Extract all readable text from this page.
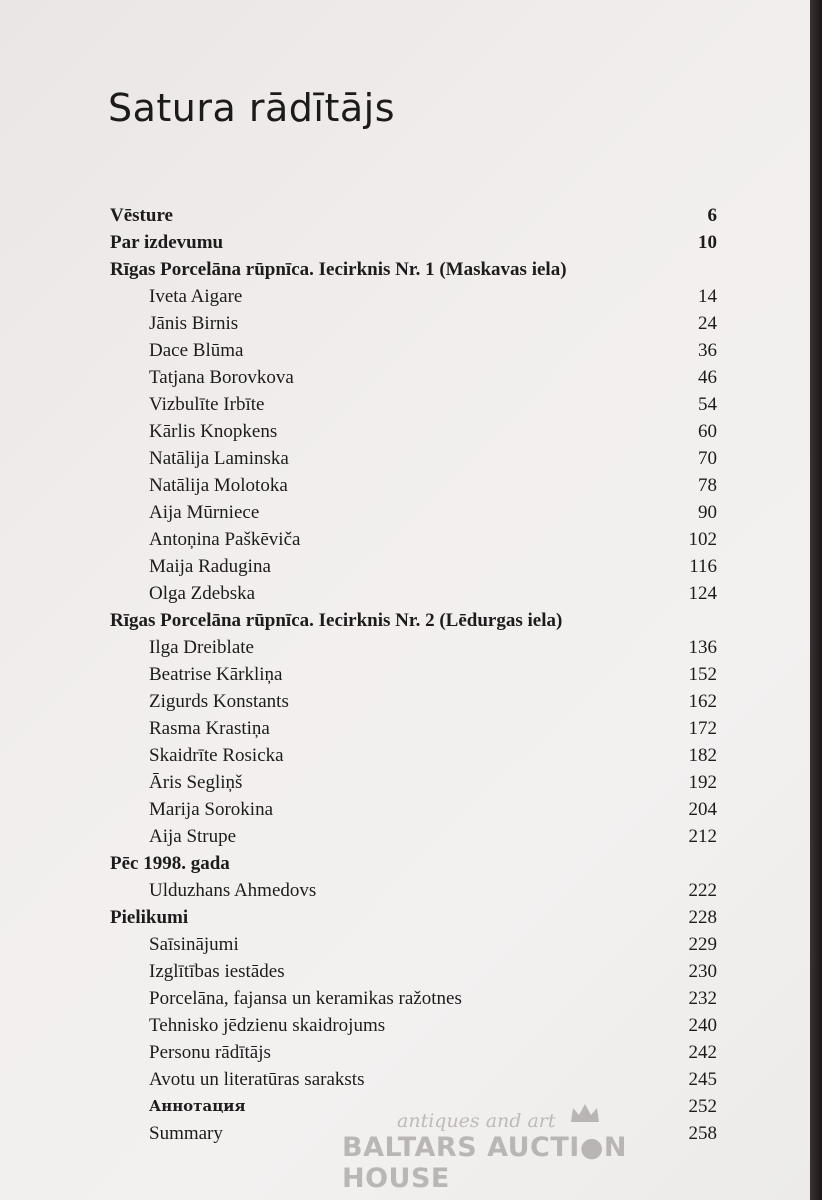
Satura rādītājs
Vēsture	6
Par izdevumu	10
Rīgas Porcelāna rūpnīca. Iecirknis Nr. 1 (Maskavas iela)
Iveta Aigare	14
Jānis Birnis	24
Dace Blūma	36
Tatjana Borovkova	46
Vizbulīte Irbīte	54
Kārlis Knopkens	60
Natālija Laminska	70
Natālija Molotoka	78
Aija Mūrniece	90
Antoņina Paškēviča	102
Maija Radugina	116
Olga Zdebska	124
Rīgas Porcelāna rūpnīca. Iecirknis Nr. 2 (Lēdurgas iela)
Ilga Dreiblate	136
Beatrise Kārkliņa	152
Zigurds Konstants	162
Rasma Krastiņa	172
Skaidrīte Rosicka	182
Āris Segliņš	192
Marija Sorokina	204
Aija Strupe	212
Pēc 1998. gada
Ulduzhans Ahmedovs	222
Pielikumi	228
Saīsinājumi	229
Izglītības iestādes	230
Porcelāna, fajansa un keramikas ražotnes	232
Tehnisko jēdzienu skaidrojums	240
Personu rādītājs	242
Avotu un literatūras saraksts	245
Аннотация	252
Summary	258
antiques and art
BALTARS AUCTI●N HOUSE
